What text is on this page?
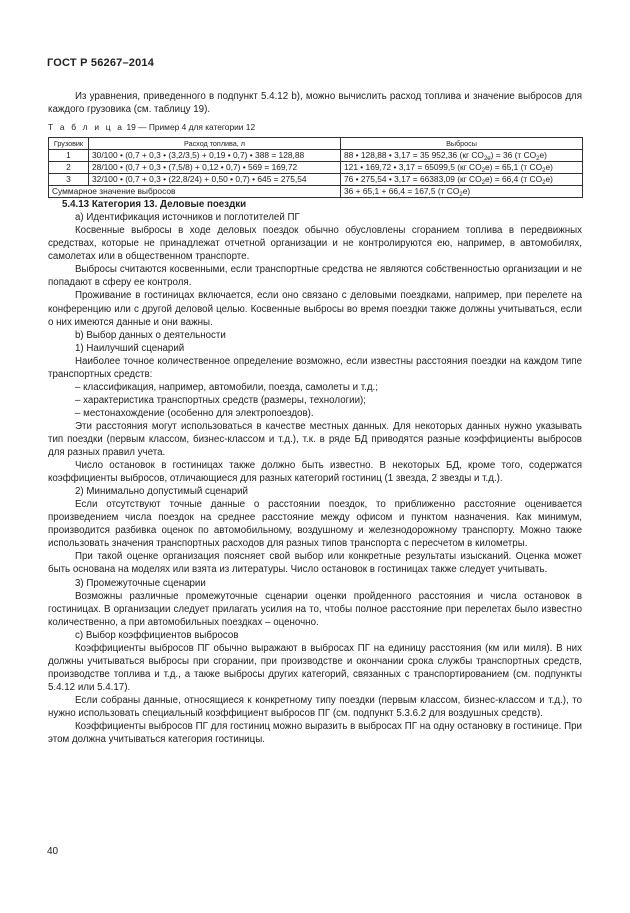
ГОСТ Р 56267–2014

Из уравнения, приведенного в подпункт 5.4.12 b), можно вычислить расход топлива и значение выбросов для каждого грузовика (см. таблицу 19).

Т а б л и ц а 19 — Пример 4 для категории 12
Грузовик	Расход топлива, л	Выбросы
1	30/100 • (0,7 + 0,3 • (3,2/3,5) + 0,19 • 0,7) • 388 = 128,88	88 • 128,88 • 3,17 = 35 952,36 (кг $CO_{2e}) = 36$ (т $CO_2е$)
2	28/100 • (0,7 + 0,3 • (7,5/8) + 0,12 • 0,7) • 569 = 169,72	121 • 169,72 • 3,17 = 65099,5 (кг $CO_2е) = 65,1$ (т $CO_2е$)
3	32/100 • (0,7 + 0,3 • (22,8/24) + 0,50 • 0,7) • 645 = 275,54	76 • 275,54 • 3,17 = 66383,09 (кг $CO_2е) = 66,4$ (т $CO_2е$)
Суммарное значение выбросов		36 + 65,1 + 66,4 = 167,5 (т $CO_2е$)

5.4.13 Категория 13. Деловые поездки

а) Идентификация источников и поглотителей ПГ

Косвенные выбросы в ходе деловых поездок обычно обусловлены сгоранием топлива в передвижных средствах, которые не принадлежат отчетной организации и не контролируются ею, например, в автомобилях, самолетах или в общественном транспорте.

Выбросы считаются косвенными, если транспортные средства не являются собственностью организации и не попадают в сферу ее контроля.

Проживание в гостиницах включается, если оно связано с деловыми поездками, например, при перелете на конференцию или с другой деловой целью. Косвенные выбросы во время поездки также должны учитываться, если о них имеются данные и они важны.

b) Выбор данных о деятельности

1) Наилучший сценарий

Наиболее точное количественное определение возможно, если известны расстояния поездки на каждом типе транспортных средств:

– классификация, например, автомобили, поезда, самолеты и т.д.;

– характеристика транспортных средств (размеры, технологии);

– местонахождение (особенно для электропоездов).

Эти расстояния могут использоваться в качестве местных данных. Для некоторых данных нужно указывать тип поездки (первым классом, бизнес-классом и т.д.), т.к. в ряде БД приводятся разные коэффициенты выбросов для разных правил учета.

Число остановок в гостиницах также должно быть известно. В некоторых БД, кроме того, содержатся коэффициенты выбросов, отличающиеся для разных категорий гостиниц (1 звезда, 2 звезды и т.д.).

2) Минимально допустимый сценарий

Если отсутствуют точные данные о расстоянии поездок, то приближенно расстояние оценивается произведением числа поездок на среднее расстояние между офисом и пунктом назначения. Как минимум, производится разбивка оценок по автомобильному, воздушному и железнодорожному транспорту. Можно также использовать значения транспортных расходов для разных типов транспорта с пересчетом в километры.

При такой оценке организация поясняет свой выбор или конкретные результаты изысканий. Оценка может быть основана на моделях или взята из литературы. Число остановок в гостиницах также следует учитывать.

3) Промежуточные сценарии

Возможны различные промежуточные сценарии оценки пройденного расстояния и числа остановок в гостиницах. В организации следует прилагать усилия на то, чтобы полное расстояние при перелетах было известно количественно, а при автомобильных поездках – оценочно.

c) Выбор коэффициентов выбросов

Коэффициенты выбросов ПГ обычно выражают в выбросах ПГ на единицу расстояния (км или миля). В них должны учитываться выбросы при сгорании, при производстве и окончании срока службы транспортных средств, производстве топлива и т.д., а также выбросы других категорий, связанных с транспортированием (см. подпункты 5.4.12 или 5.4.17).

Если собраны данные, относящиеся к конкретному типу поездки (первым классом, бизнес-классом и т.д.), то нужно использовать специальный коэффициент выбросов ПГ (см. подпункт 5.3.6.2 для воздушных средств).

Коэффициенты выбросов ПГ для гостиниц можно выразить в выбросах ПГ на одну остановку в гостинице. При этом должна учитываться категория гостиницы.

40
